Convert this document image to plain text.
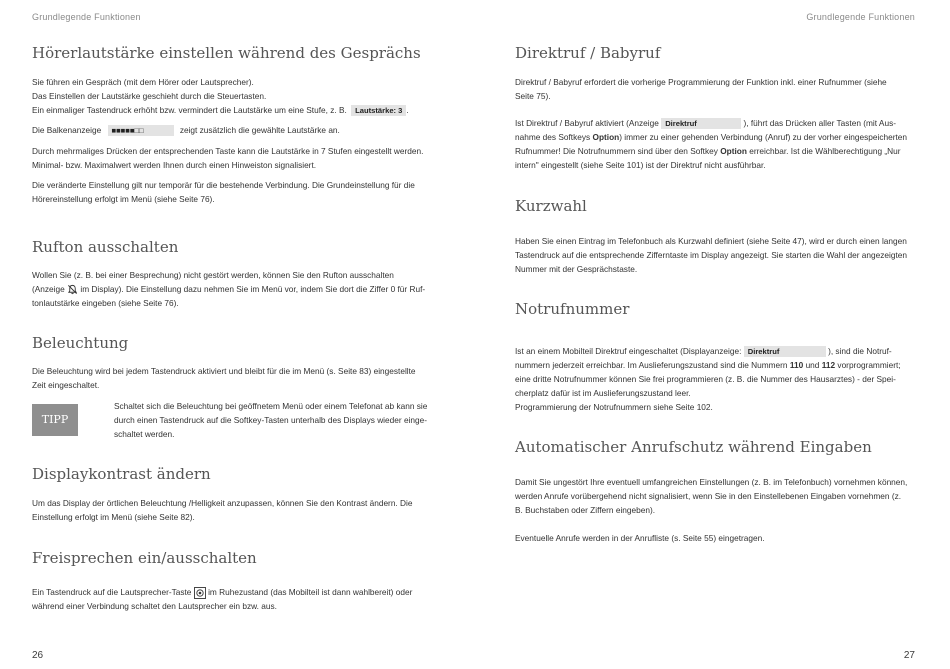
Grundlegende Funktionen
Hörerlautstärke einstellen während des Gesprächs

Sie führen ein Gespräch (mit dem Hörer oder Lautsprecher).
Das Einstellen der Lautstärke geschieht durch die Steuertasten.
Ein einmaliger Tastendruck erhöht bzw. vermindert die Lautstärke um eine Stufe, z. B. Lautstärke: 3 .

Die Balkenanzeige ■■■■■□□	zeigt zusätzlich die gewählte Lautstärke an.

Durch mehrmaliges Drücken der entsprechenden Taste kann die Lautstärke in 7 Stufen eingestellt werden.
Minimal- bzw. Maximalwert werden Ihnen durch einen Hinweiston signalisiert.

Die veränderte Einstellung gilt nur temporär für die bestehende Verbindung. Die Grundeinstellung für die
Hörereinstellung erfolgt im Menü (siehe Seite 76).

Rufton ausschalten

Wollen Sie (z. B. bei einer Besprechung) nicht gestört werden, können Sie den Rufton ausschalten
(Anzeige im Display). Die Einstellung dazu nehmen Sie im Menü vor, indem Sie dort die Ziffer 0 für Ruf-
tonlautstärke eingeben (siehe Seite 76).

Beleuchtung

Die Beleuchtung wird bei jedem Tastendruck aktiviert und bleibt für die im Menü (s. Seite 83) eingestellte
Zeit eingeschaltet.

TIPP

Schaltet sich die Beleuchtung bei geöffnetem Menü oder einem Telefonat ab kann sie
durch einen Tastendruck auf die Softkey-Tasten unterhalb des Displays wieder einge-
schaltet werden.

Displaykontrast ändern

Um das Display der örtlichen Beleuchtung /Helligkeit anzupassen, können Sie den Kontrast ändern. Die
Einstellung erfolgt im Menü (siehe Seite 82).

Freisprechen ein/ausschalten

Ein Tastendruck auf die Lautsprecher-Taste im Ruhezustand (das Mobilteil ist dann wahlbereit) oder
während einer Verbindung schaltet den Lautsprecher ein bzw. aus.

26
Grundlegende Funktionen
Direktruf / Babyruf

Direktruf / Babyruf erfordert die vorherige Programmierung der Funktion inkl. einer Rufnummer (siehe
Seite 75).

Ist Direktruf / Babyruf aktiviert (Anzeige Direktruf	), führt das Drücken aller Tasten (mit Aus-
nahme des Softkeys Option) immer zu einer gehenden Verbindung (Anruf) zu der vorher eingespeicherten
Rufnummer! Die Notrufnummern sind über den Softkey Option erreichbar. Ist die Wählberechtigung „Nur
intern" eingestellt (siehe Seite 101) ist der Direktruf nicht ausführbar.

Kurzwahl

Haben Sie einen Eintrag im Telefonbuch als Kurzwahl definiert (siehe Seite 47), wird er durch einen langen
Tastendruck auf die entsprechende Zifferntaste im Display angezeigt. Sie starten die Wahl der angezeigten
Nummer mit der Gesprächstaste.

Notrufnummer

Ist an einem Mobilteil Direktruf eingeschaltet (Displayanzeige: Direktruf	), sind die Notruf-
nummern jederzeit erreichbar. Im Auslieferungszustand sind die Nummern 110 und 112 vorprogrammiert;
eine dritte Notrufnummer können Sie frei programmieren (z. B. die Nummer des Hausarztes) - der Spei-
cherplatz dafür ist im Auslieferungszustand leer.
Programmierung der Notrufnummern siehe Seite 102.

Automatischer Anrufschutz während Eingaben

Damit Sie ungestört Ihre eventuell umfangreichen Einstellungen (z. B. im Telefonbuch) vornehmen können,
werden Anrufe vorübergehend nicht signalisiert, wenn Sie in den Einstellebenen Eingaben vornehmen (z.
B. Buchstaben oder Ziffern eingeben).

Eventuelle Anrufe werden in der Anrufliste (s. Seite 55) eingetragen.

27
